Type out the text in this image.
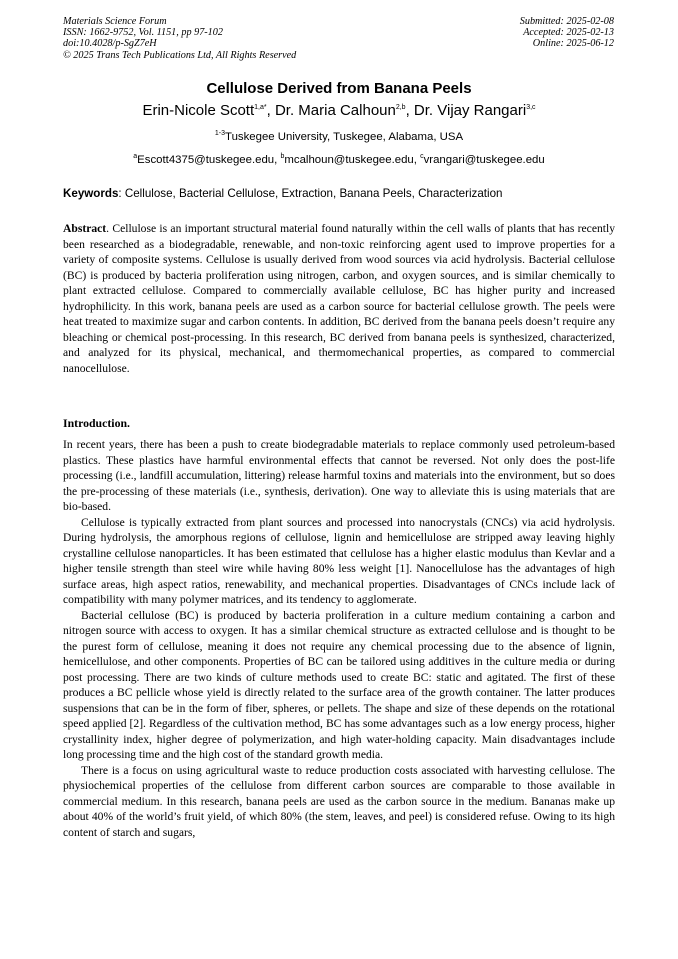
Materials Science Forum
ISSN: 1662-9752, Vol. 1151, pp 97-102
doi:10.4028/p-SgZ7eH
© 2025 Trans Tech Publications Ltd, All Rights Reserved
Submitted: 2025-02-08
Accepted: 2025-02-13
Online: 2025-06-12
Cellulose Derived from Banana Peels
Erin-Nicole Scott$^{1,a*}$, Dr. Maria Calhoun$^{2,b}$, Dr. Vijay Rangari$^{3,c}$
$^{1-3}$Tuskegee University, Tuskegee, Alabama, USA
$^a$Escott4375@tuskegee.edu, $^b$mcalhoun@tuskegee.edu, $^c$vrangari@tuskegee.edu
Keywords: Cellulose, Bacterial Cellulose, Extraction, Banana Peels, Characterization
Abstract. Cellulose is an important structural material found naturally within the cell walls of plants that has recently been researched as a biodegradable, renewable, and non-toxic reinforcing agent used to improve properties for a variety of composite systems. Cellulose is usually derived from wood sources via acid hydrolysis. Bacterial cellulose (BC) is produced by bacteria proliferation using nitrogen, carbon, and oxygen sources, and is similar chemically to plant extracted cellulose. Compared to commercially available cellulose, BC has higher purity and increased hydrophilicity. In this work, banana peels are used as a carbon source for bacterial cellulose growth. The peels were heat treated to maximize sugar and carbon contents. In addition, BC derived from the banana peels doesn’t require any bleaching or chemical post-processing. In this research, BC derived from banana peels is synthesized, characterized, and analyzed for its physical, mechanical, and thermomechanical properties, as compared to commercial nanocellulose.
Introduction.

In recent years, there has been a push to create biodegradable materials to replace commonly used petroleum-based plastics. These plastics have harmful environmental effects that cannot be reversed. Not only does the post-life processing (i.e., landfill accumulation, littering) release harmful toxins and materials into the environment, but so does the pre-processing of these materials (i.e., synthesis, derivation). One way to alleviate this is using materials that are bio-based.

Cellulose is typically extracted from plant sources and processed into nanocrystals (CNCs) via acid hydrolysis. During hydrolysis, the amorphous regions of cellulose, lignin and hemicellulose are stripped away leaving highly crystalline cellulose nanoparticles. It has been estimated that cellulose has a higher elastic modulus than Kevlar and a higher tensile strength than steel wire while having 80% less weight [1]. Nanocellulose has the advantages of high surface areas, high aspect ratios, renewability, and mechanical properties. Disadvantages of CNCs include lack of compatibility with many polymer matrices, and its tendency to agglomerate.

Bacterial cellulose (BC) is produced by bacteria proliferation in a culture medium containing a carbon and nitrogen source with access to oxygen. It has a similar chemical structure as extracted cellulose and is thought to be the purest form of cellulose, meaning it does not require any chemical processing due to the absence of lignin, hemicellulose, and other components. Properties of BC can be tailored using additives in the culture media or during post processing. There are two kinds of culture methods used to create BC: static and agitated. The first of these produces a BC pellicle whose yield is directly related to the surface area of the growth container. The latter produces suspensions that can be in the form of fiber, spheres, or pellets. The shape and size of these depends on the rotational speed applied [2]. Regardless of the cultivation method, BC has some advantages such as a low energy process, higher crystallinity index, higher degree of polymerization, and high water-holding capacity. Main disadvantages include long processing time and the high cost of the standard growth media.

There is a focus on using agricultural waste to reduce production costs associated with harvesting cellulose. The physiochemical properties of the cellulose from different carbon sources are comparable to those available in commercial medium. In this research, banana peels are used as the carbon source in the medium. Bananas make up about 40% of the world’s fruit yield, of which 80% (the stem, leaves, and peel) is considered refuse. Owing to its high content of starch and sugars,
